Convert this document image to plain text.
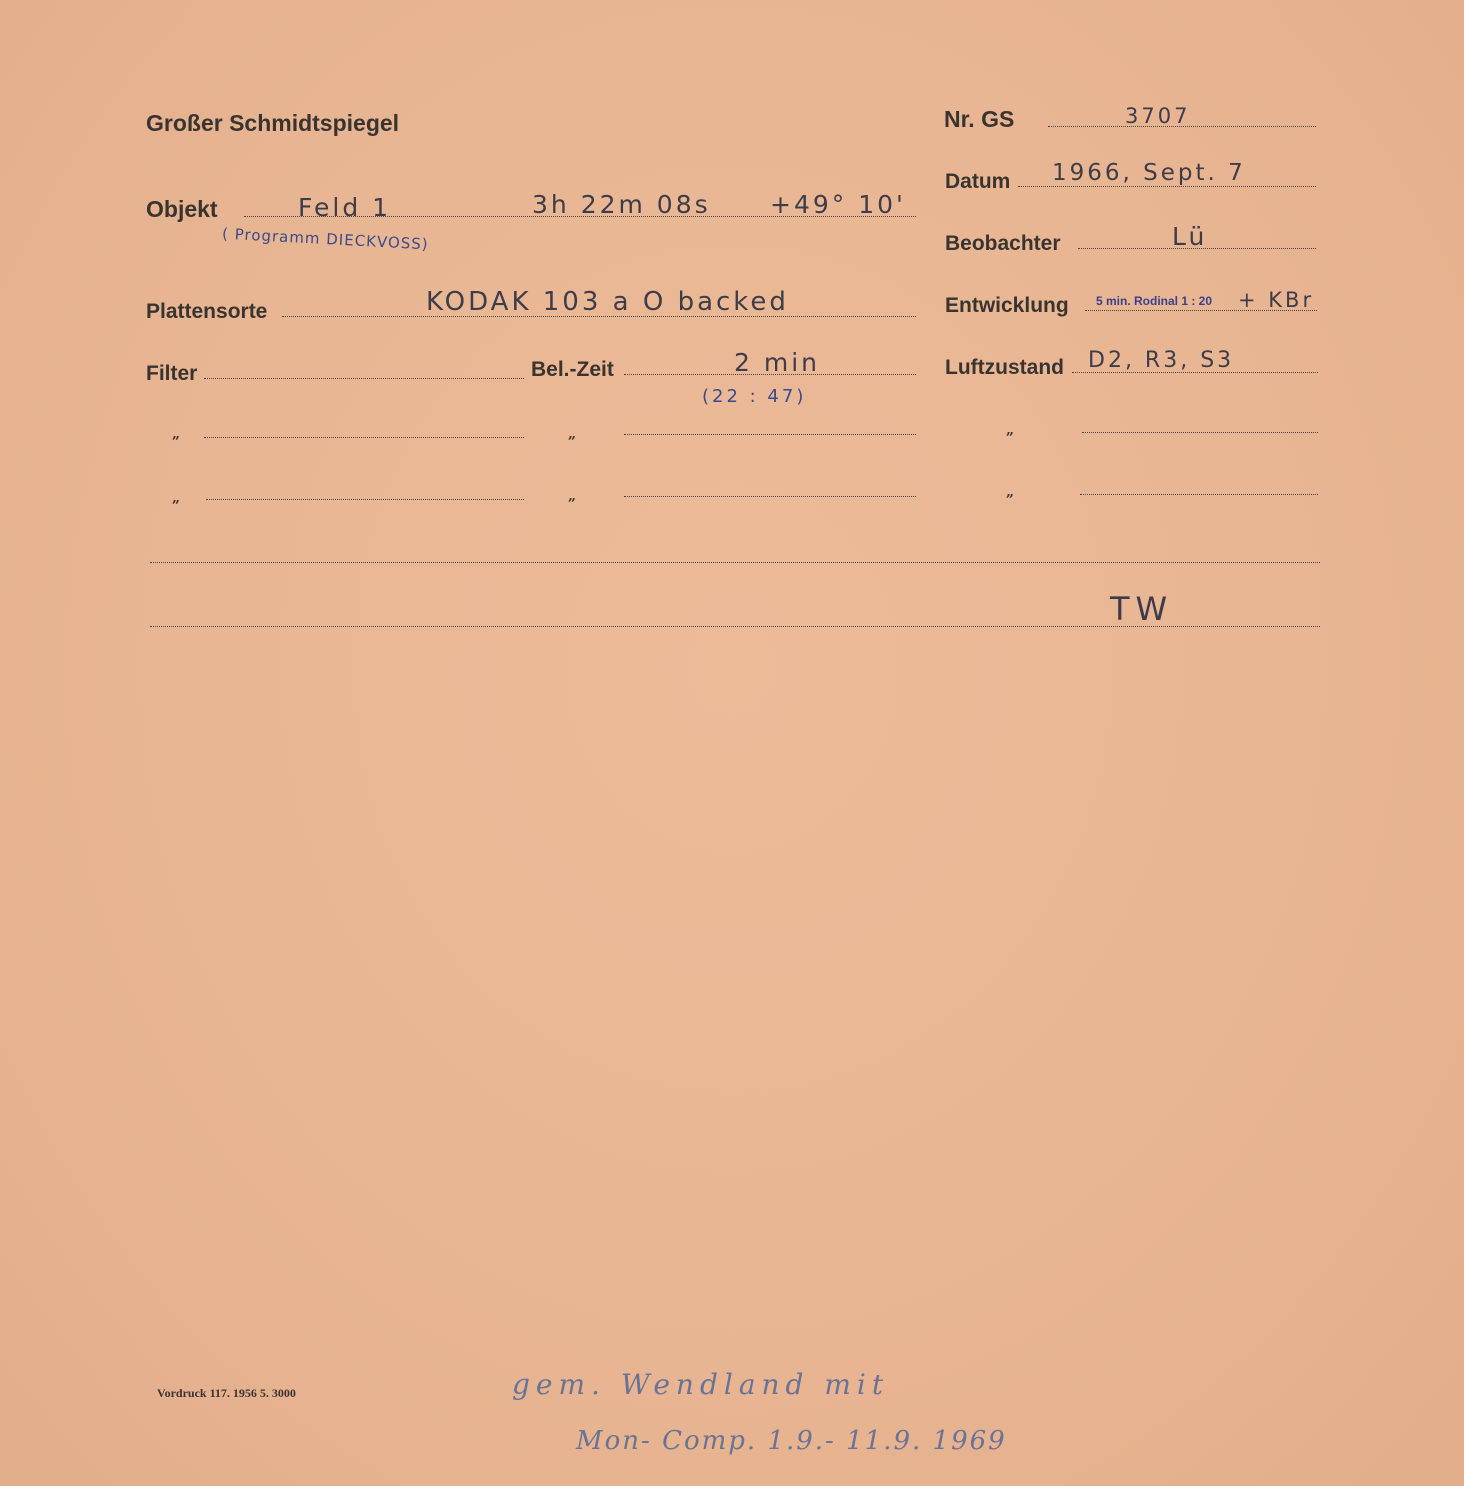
Großer Schmidtspiegel	Nr. GS	3707
Datum 1966, Sept. 7
Objekt	Feld 1	3h 22m 08s +49° 10'
( Programm DIECKVOSS)	Beobachter	Lü
Plattensorte	KODAK 103 a O backed	Entwicklung 5 min. Rodinal 1 : 20 + KBr
Filter	Bel.-Zeit	2 min
(22 : 47)
Luftzustand D2, R3, S3
„	„	„
„	„	„
TW
Vordruck 117. 1956 5. 3000	gem. Wendland mit
Mon- Comp. 1.9.- 11.9. 1969
